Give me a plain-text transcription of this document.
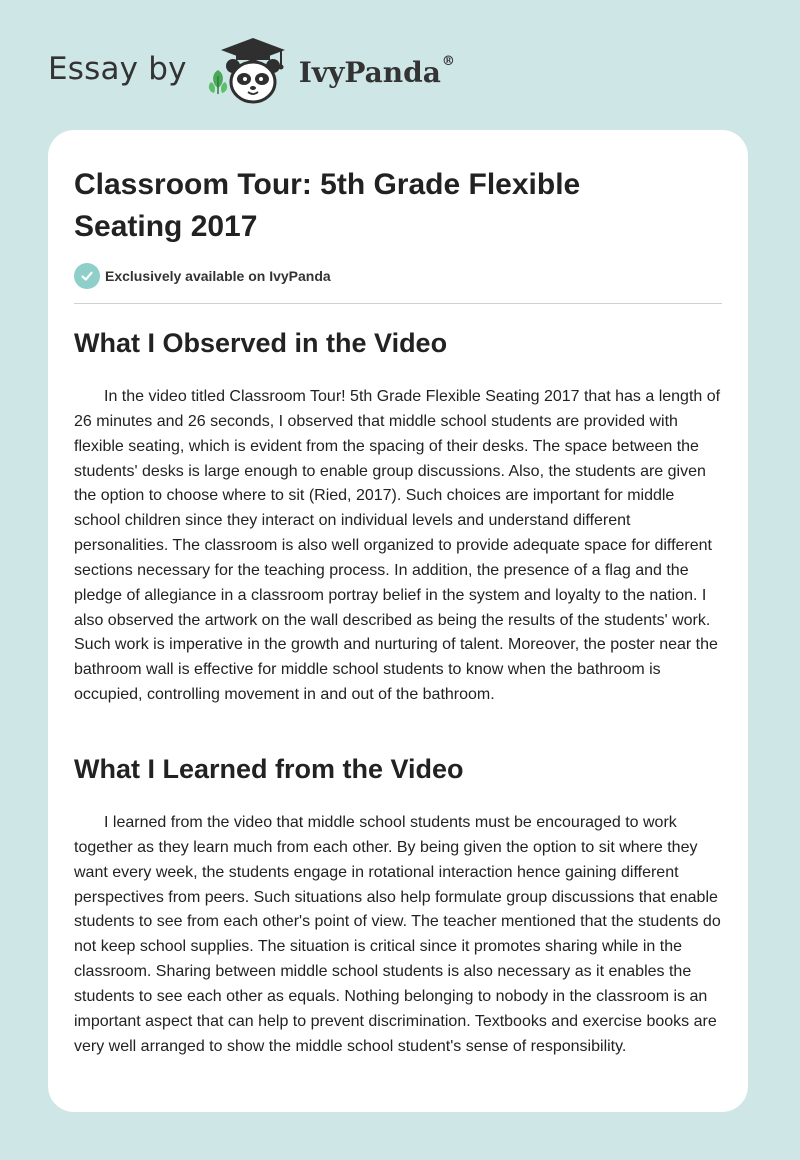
Essay by	IvyPanda®
Classroom Tour: 5th Grade Flexible Seating 2017
Exclusively available on IvyPanda
What I Observed in the Video

In the video titled Classroom Tour! 5th Grade Flexible Seating 2017 that has a length of 26 minutes and 26 seconds, I observed that middle school students are provided with flexible seating, which is evident from the spacing of their desks. The space between the students' desks is large enough to enable group discussions. Also, the students are given the option to choose where to sit (Ried, 2017). Such choices are important for middle school children since they interact on individual levels and understand different personalities. The classroom is also well organized to provide adequate space for different sections necessary for the teaching process. In addition, the presence of a flag and the pledge of allegiance in a classroom portray belief in the system and loyalty to the nation. I also observed the artwork on the wall described as being the results of the students' work. Such work is imperative in the growth and nurturing of talent. Moreover, the poster near the bathroom wall is effective for middle school students to know when the bathroom is occupied, controlling movement in and out of the bathroom.

What I Learned from the Video

I learned from the video that middle school students must be encouraged to work together as they learn much from each other. By being given the option to sit where they want every week, the students engage in rotational interaction hence gaining different perspectives from peers. Such situations also help formulate group discussions that enable students to see from each other's point of view. The teacher mentioned that the students do not keep school supplies. The situation is critical since it promotes sharing while in the classroom. Sharing between middle school students is also necessary as it enables the students to see each other as equals. Nothing belonging to nobody in the classroom is an important aspect that can help to prevent discrimination. Textbooks and exercise books are very well arranged to show the middle school student's sense of responsibility.
